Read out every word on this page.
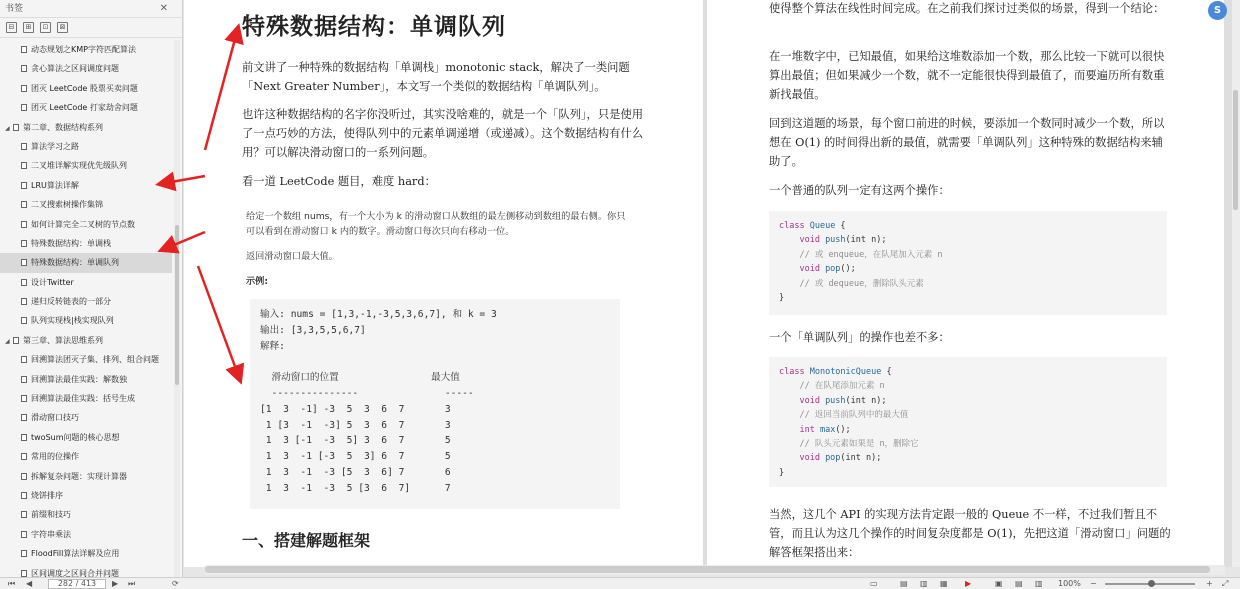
书签	✕
⊟	⊞	⊡	⊠
动态规划之KMP字符匹配算法
贪心算法之区间调度问题
团灭 LeetCode 股票买卖问题
团灭 LeetCode 打家劫舍问题
◢ 第二章、数据结构系列
算法学习之路
二叉堆详解实现优先级队列
LRU算法详解
二叉搜索树操作集锦
如何计算完全二叉树的节点数
特殊数据结构：单调栈
特殊数据结构：单调队列
设计Twitter
递归反转链表的一部分
队列实现栈|栈实现队列
◢ 第三章、算法思维系列
回溯算法团灭子集、排列、组合问题
回溯算法最佳实践：解数独
回溯算法最佳实践：括号生成
滑动窗口技巧
twoSum问题的核心思想
常用的位操作
拆解复杂问题：实现计算器
烧饼排序
前缀和技巧
字符串乘法
FloodFill算法详解及应用
区间调度之区间合并问题
特殊数据结构：单调队列
前文讲了一种特殊的数据结构「单调栈」monotonic stack，解决了一类问题「Next Greater Number」，本文写一个类似的数据结构「单调队列」。
也许这种数据结构的名字你没听过，其实没啥难的，就是一个「队列」，只是使用了一点巧妙的方法，使得队列中的元素单调递增（或递减）。这个数据结构有什么用？可以解决滑动窗口的一系列问题。
看一道 LeetCode 题目，难度 hard：
给定一个数组 nums，有一个大小为 k 的滑动窗口从数组的最左侧移动到数组的最右侧。你只可以看到在滑动窗口 k 内的数字。滑动窗口每次只向右移动一位。
返回滑动窗口最大值。
示例:
输入: nums = [1,3,-1,-3,5,3,6,7], 和 k = 3
输出: [3,3,5,5,6,7]
解释:

滑动窗口的位置                最大值
---------------               -----
[1  3  -1] -3  5  3  6  7       3
1 [3  -1  -3] 5  3  6  7       3
1  3 [-1  -3  5] 3  6  7       5
1  3  -1 [-3  5  3] 6  7       5
1  3  -1  -3 [5  3  6] 7       6
1  3  -1  -3  5 [3  6  7]      7
一、搭建解题框架
使得整个算法在线性时间完成。在之前我们探讨过类似的场景，得到一个结论：
在一堆数字中，已知最值，如果给这堆数添加一个数，那么比较一下就可以很快算出最值；但如果减少一个数，就不一定能很快得到最值了，而要遍历所有数重新找最值。
回到这道题的场景，每个窗口前进的时候，要添加一个数同时减少一个数，所以想在 O(1) 的时间得出新的最值，就需要「单调队列」这种特殊的数据结构来辅助了。
一个普通的队列一定有这两个操作：
class Queue {
void push(int n);
// 或 enqueue，在队尾加入元素 n
void pop();
// 或 dequeue，删除队头元素
}
一个「单调队列」的操作也差不多：
class MonotonicQueue {
// 在队尾添加元素 n
void push(int n);
// 返回当前队列中的最大值
int max();
// 队头元素如果是 n，删除它
void pop(int n);
}
当然，这几个 API 的实现方法肯定跟一般的 Queue 不一样，不过我们暂且不管，而且认为这几个操作的时间复杂度都是 O(1)，先把这道「滑动窗口」问题的解答框架搭出来：
S
⏮ ◀	282 / 413	▶ ⏭	⟳	▭	▤ ▥ ▦ ▶	▣ ▤ ▥ 100% −	+ ⤢
